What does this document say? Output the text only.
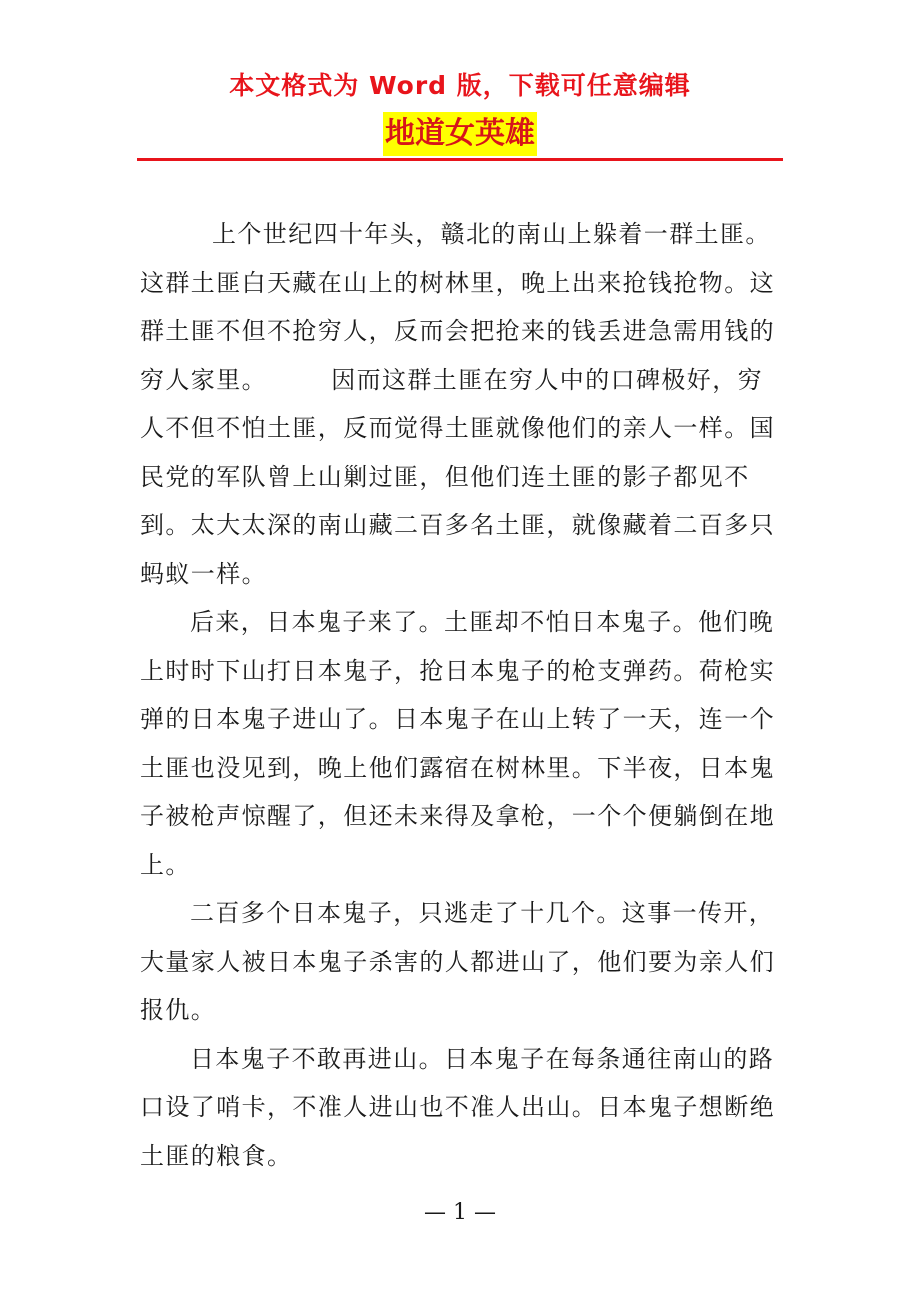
本文格式为 Word 版，下载可任意编辑
地道女英雄

上个世纪四十年头，赣北的南山上躲着一群土匪。这群土匪白天藏在山上的树林里，晚上出来抢钱抢物。这群土匪不但不抢穷人，反而会把抢来的钱丢进急需用钱的穷人家里。　　　因而这群土匪在穷人中的口碑极好，穷人不但不怕土匪，反而觉得土匪就像他们的亲人一样。国民党的军队曾上山剿过匪，但他们连土匪的影子都见不到。太大太深的南山藏二百多名土匪，就像藏着二百多只蚂蚁一样。

后来，日本鬼子来了。土匪却不怕日本鬼子。他们晚上时时下山打日本鬼子，抢日本鬼子的枪支弹药。荷枪实弹的日本鬼子进山了。日本鬼子在山上转了一天，连一个土匪也没见到，晚上他们露宿在树林里。下半夜，日本鬼子被枪声惊醒了，但还未来得及拿枪，一个个便躺倒在地上。

二百多个日本鬼子，只逃走了十几个。这事一传开，大量家人被日本鬼子杀害的人都进山了，他们要为亲人们报仇。

日本鬼子不敢再进山。日本鬼子在每条通往南山的路口设了哨卡，不准人进山也不准人出山。日本鬼子想断绝土匪的粮食。

— 1 —
